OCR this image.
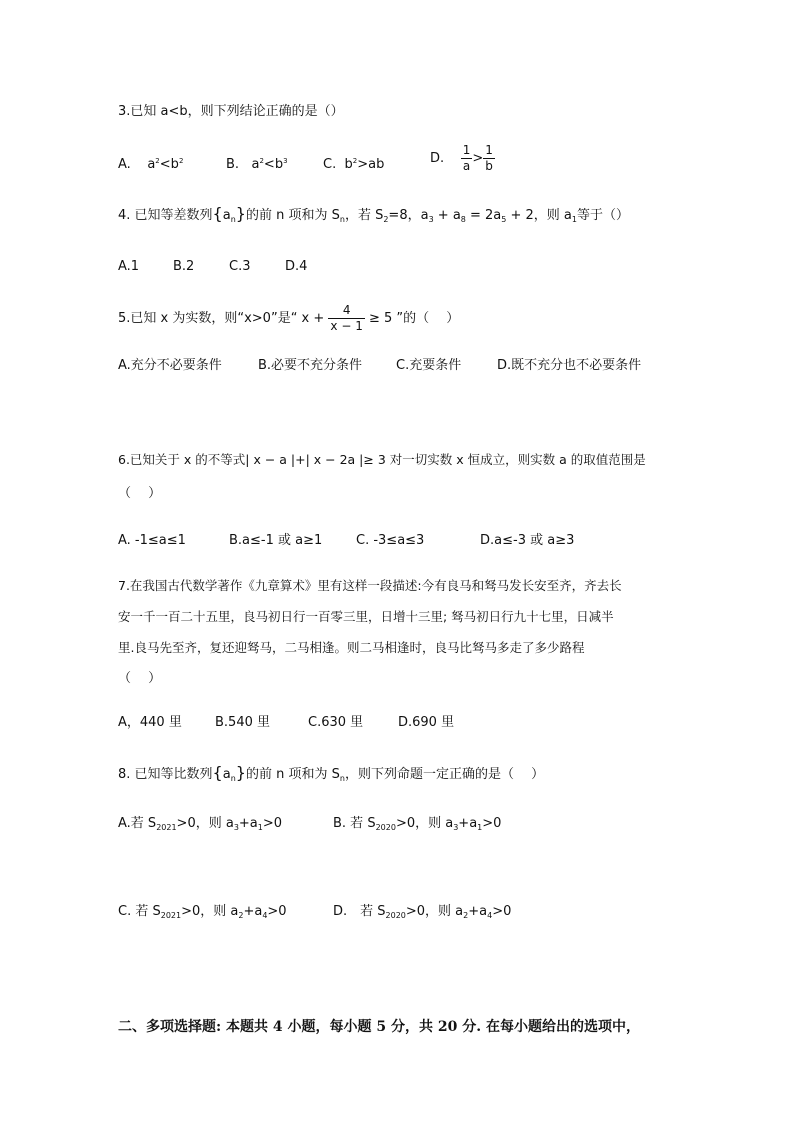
3.已知 a<b，则下列结论正确的是（）
A. $a^2<b^2$	B. $a^2<b^3$	C. $b^2>ab$	D. $\frac{1}{a} > \frac{1}{b}$
4. 已知等差数列$\{a_n\}$的前 n 项和为 $S_n$，若 $S_2=8$，$a_3 + a_8 = 2a_5 + 2$，则 $a_1$等于（）
A.1	B.2	C.3	D.4
5.已知 x 为实数，则“x>0”是“ $x + \frac{4}{x - 1} \ge 5$ ”的（　 ）
A.充分不必要条件	B.必要不充分条件	C.充要条件	D.既不充分也不必要条件
6.已知关于 x 的不等式| x − a |+| x − 2a |≥ 3 对一切实数 x 恒成立，则实数 a 的取值范围是
（　 ）
A. -1≤a≤1	B.a≤-1 或 a≥1	C. -3≤a≤3	D.a≤-3 或 a≥3
7.在我国古代数学著作《九章算术》里有这样一段描述:今有良马和驽马发长安至齐，齐去长
安一千一百二十五里，良马初日行一百零三里，日增十三里; 驽马初日行九十七里，日减半
里.良马先至齐，复还迎驽马，二马相逢。则二马相逢时，良马比驽马多走了多少路程
（　 ）
A，440 里	B.540 里	C.630 里	D.690 里
8. 已知等比数列$\{a_n\}$的前 n 项和为 $S_n$，则下列命题一定正确的是（　 ）
A.若 $S_{2021}>0$，则 $a_3+a_1>0$	B. 若 $S_{2020}>0$，则 $a_3+a_1>0$
C. 若 $S_{2021}>0$，则 $a_2+a_4>0$	D.　若 $S_{2020}>0$，则 $a_2+a_4>0$
二、多项选择题: 本题共 4 小题，每小题 5 分，共 20 分. 在每小题给出的选项中，
